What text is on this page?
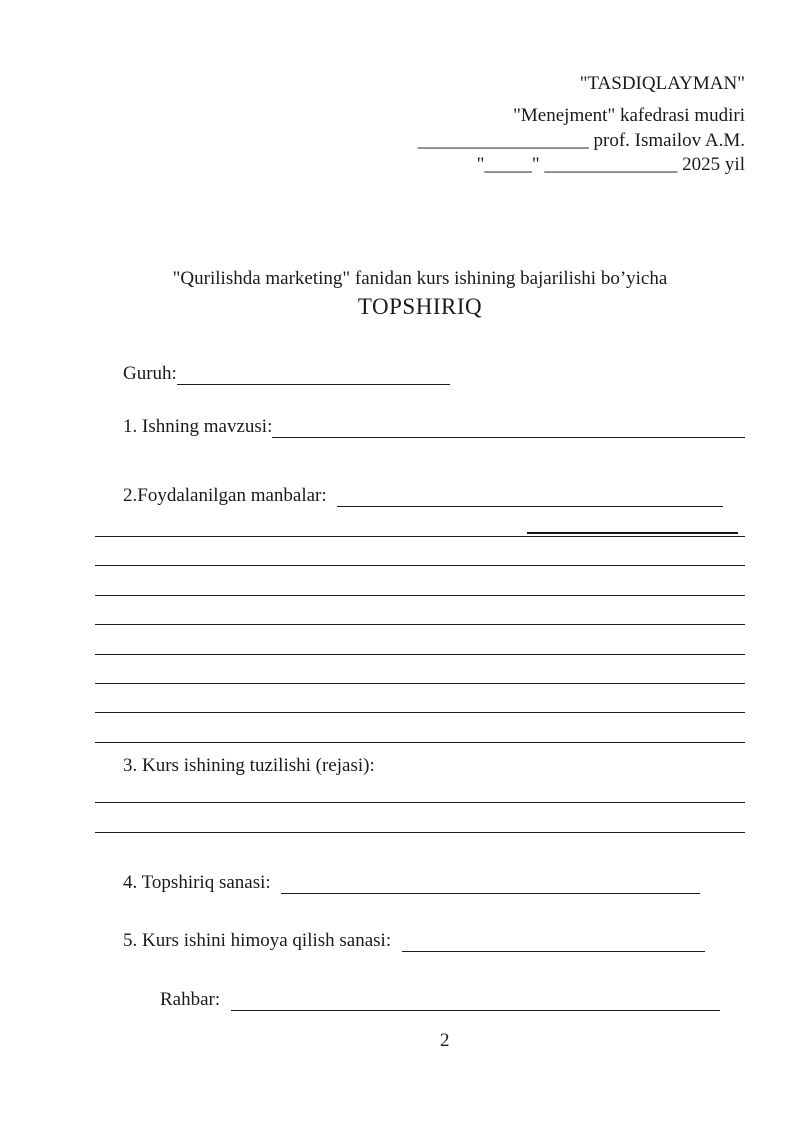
"TASDIQLAYMAN"
"Menejment" kafedrasi mudiri
__________________ prof. Ismailov A.M.
"_____" ______________ 2025 yil
"Qurilishda marketing" fanidan kurs ishining bajarilishi bo’yicha
TOPSHIRIQ
Guruh:
1. Ishning mavzusi:
2.Foydalanilgan manbalar:
3. Kurs ishining tuzilishi (rejasi):
4. Topshiriq sanasi:
5. Kurs ishini himoya qilish sanasi:
Rahbar:
2
